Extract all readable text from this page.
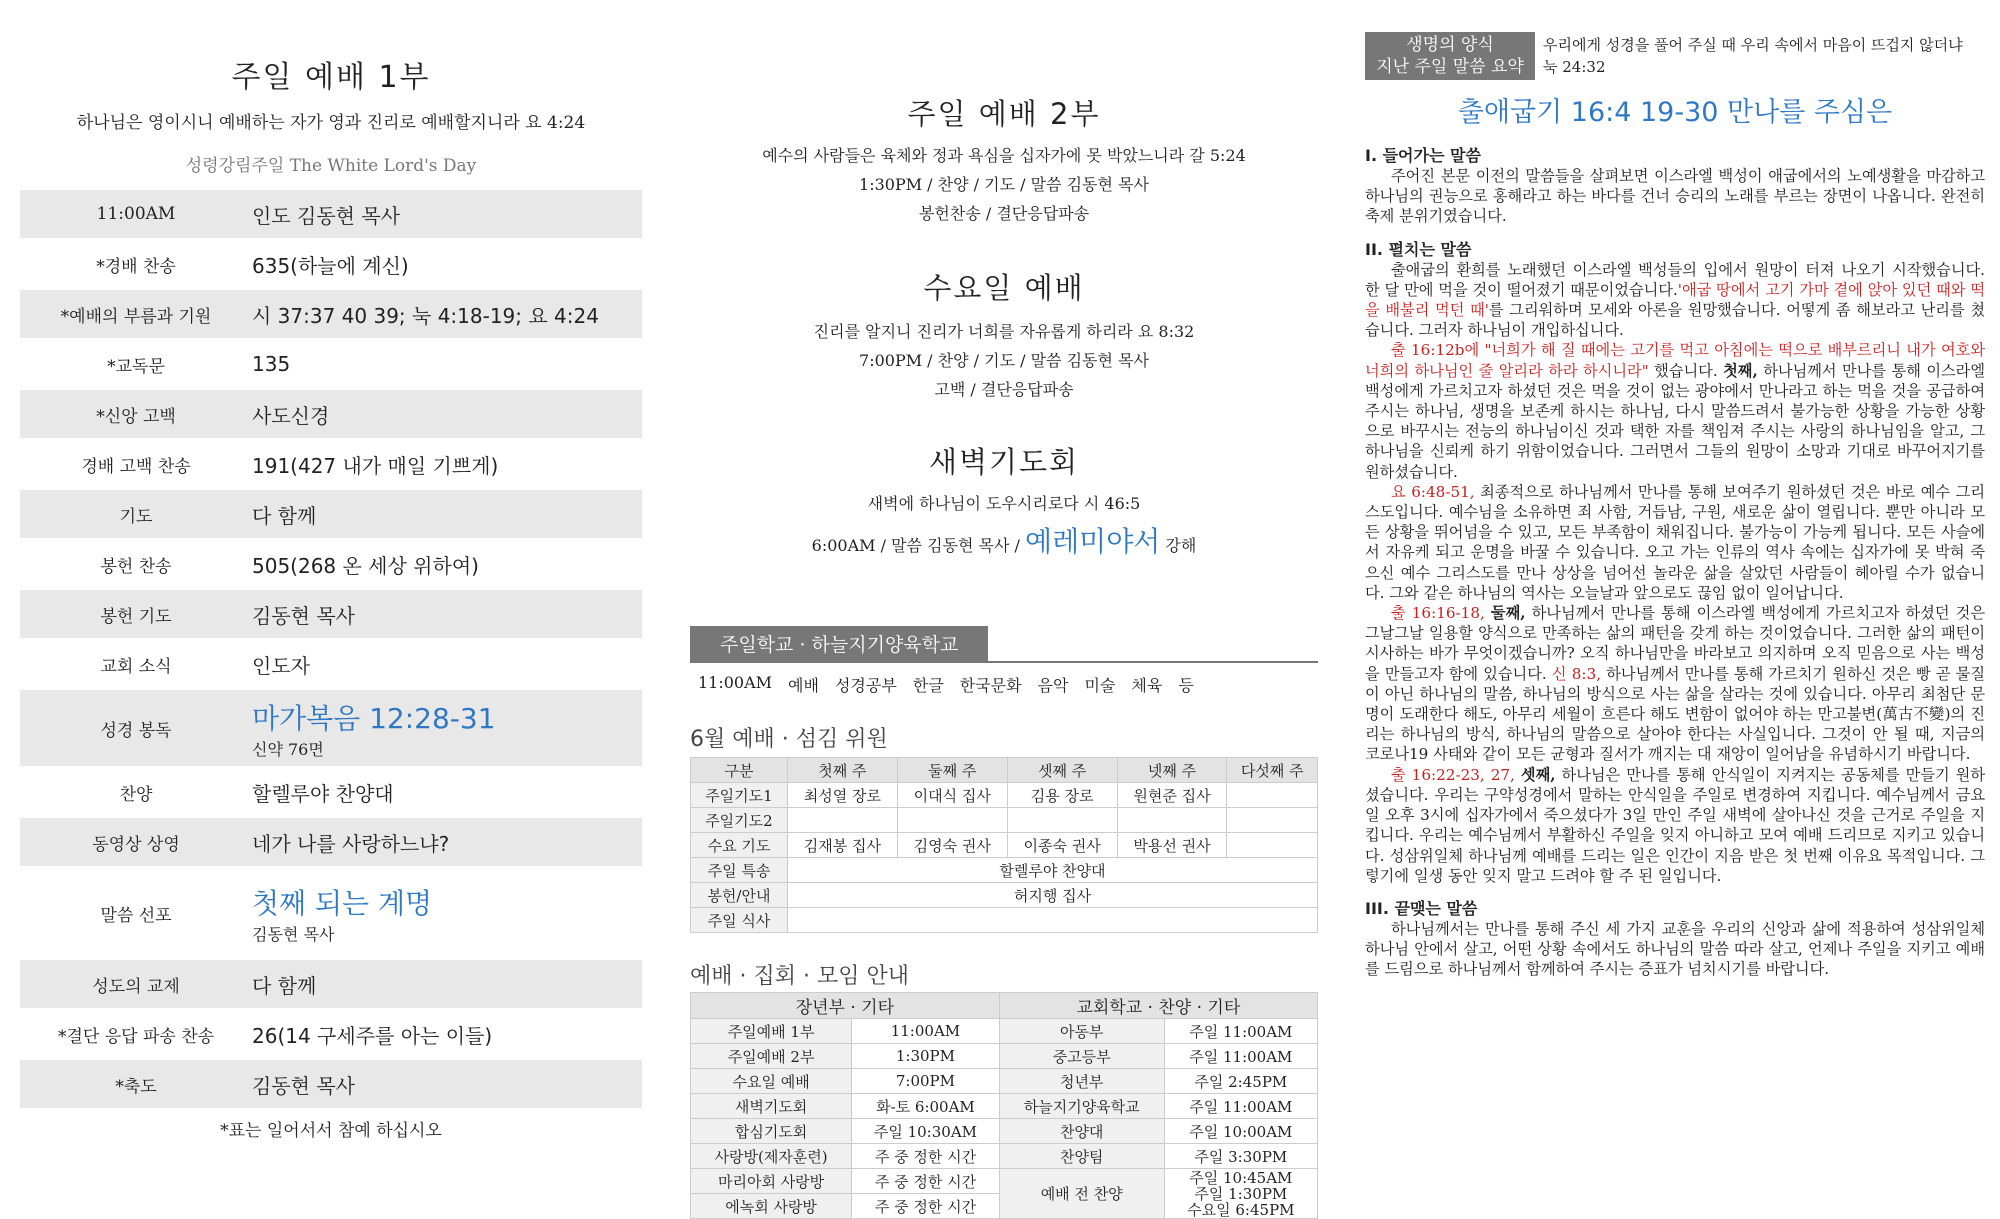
주일 예배 1부
하나님은 영이시니 예배하는 자가 영과 진리로 예배할지니라 요 4:24
성령강림주일 The White Lord's Day
11:00AM	인도 김동현 목사
*경배 찬송	635(하늘에 계신)
*예배의 부름과 기원	시 37:37 40 39; 눅 4:18-19; 요 4:24
*교독문	135
*신앙 고백	사도신경
경배 고백 찬송	191(427 내가 매일 기쁘게)
기도	다 함께
봉헌 찬송	505(268 온 세상 위하여)
봉헌 기도	김동현 목사
교회 소식	인도자
성경 봉독	마가복음 12:28-31
신약 76면
찬양	할렐루야 찬양대
동영상 상영	네가 나를 사랑하느냐?
말씀 선포	첫째 되는 계명
김동현 목사
성도의 교제	다 함께
*결단 응답 파송 찬송	26(14 구세주를 아는 이들)
*축도	김동현 목사
*표는 일어서서 참예 하십시오
주일 예배 2부
예수의 사람들은 육체와 정과 욕심을 십자가에 못 박았느니라 갈 5:24
1:30PM / 찬양 / 기도 / 말씀 김동현 목사
봉헌찬송 / 결단응답파송
수요일 예배
진리를 알지니 진리가 너희를 자유롭게 하리라 요 8:32
7:00PM / 찬양 / 기도 / 말씀 김동현 목사
고백 / 결단응답파송
새벽기도회
새벽에 하나님이 도우시리로다 시 46:5
6:00AM / 말씀 김동현 목사 / 예레미야서 강해
주일학교 · 하늘지기양육학교
11:00AM 예배 성경공부 한글 한국문화 음악 미술 체육 등
6월 예배 · 섬김 위원
구분	첫째 주	둘째 주	셋째 주	넷째 주	다섯째 주
주일기도1	최성열 장로	이대식 집사	김용 장로	원현준 집사	
주일기도2					
수요 기도	김재봉 집사	김영숙 권사	이종숙 권사	박용선 권사	
주일 특송	할렐루야 찬양대				
봉헌/안내	허지행 집사				
주일 식사					
예배 · 집회 · 모임 안내
장년부 · 기타		교회학교 · 찬양 · 기타	
주일예배 1부	11:00AM	아동부	주일 11:00AM
주일예배 2부	1:30PM	중고등부	주일 11:00AM
수요일 예배	7:00PM	청년부	주일 2:45PM
새벽기도회	화-토 6:00AM	하늘지기양육학교	주일 11:00AM
합심기도회	주일 10:30AM	찬양대	주일 10:00AM
사랑방(제자훈련)	주 중 정한 시간	찬양팀	주일 3:30PM
마리아회 사랑방	주 중 정한 시간	예배 전 찬양	주일 10:45AM
주일 1:30PM
수요일 6:45PM

에녹회 사랑방	주 중 정한 시간		
생명의 양식
지난 주일 말씀 요약
우리에게 성경을 풀어 주실 때 우리 속에서 마음이 뜨겁지 않더냐 눅 24:32
출애굽기 16:4 19-30 만나를 주심은
I. 들어가는 말씀

주어진 본문 이전의 말씀들을 살펴보면 이스라엘 백성이 애굽에서의 노예생활을 마감하고 하나님의 권능으로 홍해라고 하는 바다를 건너 승리의 노래를 부르는 장면이 나옵니다. 완전히 축제 분위기였습니다.

II. 펼치는 말씀

출애굽의 환희를 노래했던 이스라엘 백성들의 입에서 원망이 터져 나오기 시작했습니다. 한 달 만에 먹을 것이 떨어졌기 때문이었습니다.'애굽 땅에서 고기 가마 곁에 앉아 있던 때와 떡을 배불리 먹던 때'를 그리워하며 모세와 아론을 원망했습니다. 어떻게 좀 해보라고 난리를 쳤습니다. 그러자 하나님이 개입하십니다.

출 16:12b에 "너희가 해 질 때에는 고기를 먹고 아침에는 떡으로 배부르리니 내가 여호와 너희의 하나님인 줄 알리라 하라 하시니라" 했습니다. 첫째, 하나님께서 만나를 통해 이스라엘 백성에게 가르치고자 하셨던 것은 먹을 것이 없는 광야에서 만나라고 하는 먹을 것을 공급하여 주시는 하나님, 생명을 보존케 하시는 하나님, 다시 말씀드려서 불가능한 상황을 가능한 상황으로 바꾸시는 전능의 하나님이신 것과 택한 자를 책임져 주시는 사랑의 하나님임을 알고, 그 하나님을 신뢰케 하기 위함이었습니다. 그러면서 그들의 원망이 소망과 기대로 바꾸어지기를 원하셨습니다.

요 6:48-51, 최종적으로 하나님께서 만나를 통해 보여주기 원하셨던 것은 바로 예수 그리스도입니다. 예수님을 소유하면 죄 사함, 거듭남, 구원, 새로운 삶이 열립니다. 뿐만 아니라 모든 상황을 뛰어넘을 수 있고, 모든 부족함이 채워집니다. 불가능이 가능케 됩니다. 모든 사슬에서 자유케 되고 운명을 바꿀 수 있습니다. 오고 가는 인류의 역사 속에는 십자가에 못 박혀 죽으신 예수 그리스도를 만나 상상을 넘어선 놀라운 삶을 살았던 사람들이 헤아릴 수가 없습니다. 그와 같은 하나님의 역사는 오늘날과 앞으로도 끊임 없이 일어납니다.

출 16:16-18, 둘째, 하나님께서 만나를 통해 이스라엘 백성에게 가르치고자 하셨던 것은 그날그날 일용할 양식으로 만족하는 삶의 패턴을 갖게 하는 것이었습니다. 그러한 삶의 패턴이 시사하는 바가 무엇이겠습니까? 오직 하나님만을 바라보고 의지하며 오직 믿음으로 사는 백성을 만들고자 함에 있습니다. 신 8:3, 하나님께서 만나를 통해 가르치기 원하신 것은 빵 곧 물질이 아닌 하나님의 말씀, 하나님의 방식으로 사는 삶을 살라는 것에 있습니다. 아무리 최첨단 문명이 도래한다 해도, 아무리 세월이 흐른다 해도 변함이 없어야 하는 만고불변(萬古不變)의 진리는 하나님의 방식, 하나님의 말씀으로 살아야 한다는 사실입니다. 그것이 안 될 때, 지금의 코로나19 사태와 같이 모든 균형과 질서가 깨지는 대 재앙이 일어남을 유념하시기 바랍니다.

출 16:22-23, 27, 셋째, 하나님은 만나를 통해 안식일이 지켜지는 공동체를 만들기 원하셨습니다. 우리는 구약성경에서 말하는 안식일을 주일로 변경하여 지킵니다. 예수님께서 금요일 오후 3시에 십자가에서 죽으셨다가 3일 만인 주일 새벽에 살아나신 것을 근거로 주일을 지킵니다. 우리는 예수님께서 부활하신 주일을 잊지 아니하고 모여 예배 드리므로 지키고 있습니다. 성삼위일체 하나님께 예배를 드리는 일은 인간이 지음 받은 첫 번째 이유요 목적입니다. 그렇기에 일생 동안 잊지 말고 드려야 할 주 된 일입니다.

III. 끝맺는 말씀

하나님께서는 만나를 통해 주신 세 가지 교훈을 우리의 신앙과 삶에 적용하여 성삼위일체 하나님 안에서 살고, 어떤 상황 속에서도 하나님의 말씀 따라 살고, 언제나 주일을 지키고 예배를 드림으로 하나님께서 함께하여 주시는 증표가 넘치시기를 바랍니다.
